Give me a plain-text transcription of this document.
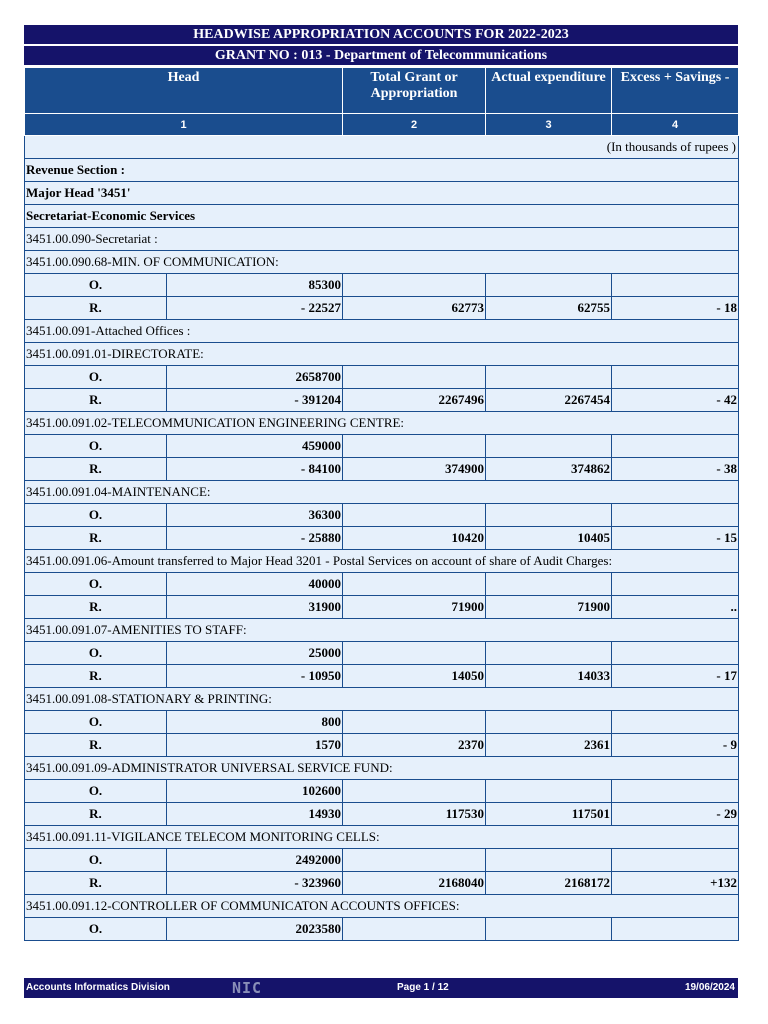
HEADWISE APPROPRIATION ACCOUNTS FOR 2022-2023
GRANT NO : 013 - Department of Telecommunications
Head		Total Grant or Appropriation	Actual expenditure	Excess + Savings -
1		2	3	4
(In thousands of rupees )				
Revenue Section :				
Major Head '3451'				
Secretariat-Economic Services				
3451.00.090-Secretariat :				
3451.00.090.68-MIN. OF COMMUNICATION:				
O.	85300			
R.	- 22527	62773	62755	- 18
3451.00.091-Attached Offices :				
3451.00.091.01-DIRECTORATE:				
O.	2658700			
R.	- 391204	2267496	2267454	- 42
3451.00.091.02-TELECOMMUNICATION ENGINEERING CENTRE:				
O.	459000			
R.	- 84100	374900	374862	- 38
3451.00.091.04-MAINTENANCE:				
O.	36300			
R.	- 25880	10420	10405	- 15
3451.00.091.06-Amount transferred to Major Head 3201 - Postal Services on account of share of Audit Charges:				
O.	40000			
R.	31900	71900	71900	..
3451.00.091.07-AMENITIES TO STAFF:				
O.	25000			
R.	- 10950	14050	14033	- 17
3451.00.091.08-STATIONARY & PRINTING:				
O.	800			
R.	1570	2370	2361	- 9
3451.00.091.09-ADMINISTRATOR UNIVERSAL SERVICE FUND:				
O.	102600			
R.	14930	117530	117501	- 29
3451.00.091.11-VIGILANCE TELECOM MONITORING CELLS:				
O.	2492000			
R.	- 323960	2168040	2168172	+132
3451.00.091.12-CONTROLLER OF COMMUNICATON ACCOUNTS OFFICES:				
O.	2023580			
Accounts Informatics Division	NIC	Page 1 / 12	19/06/2024
